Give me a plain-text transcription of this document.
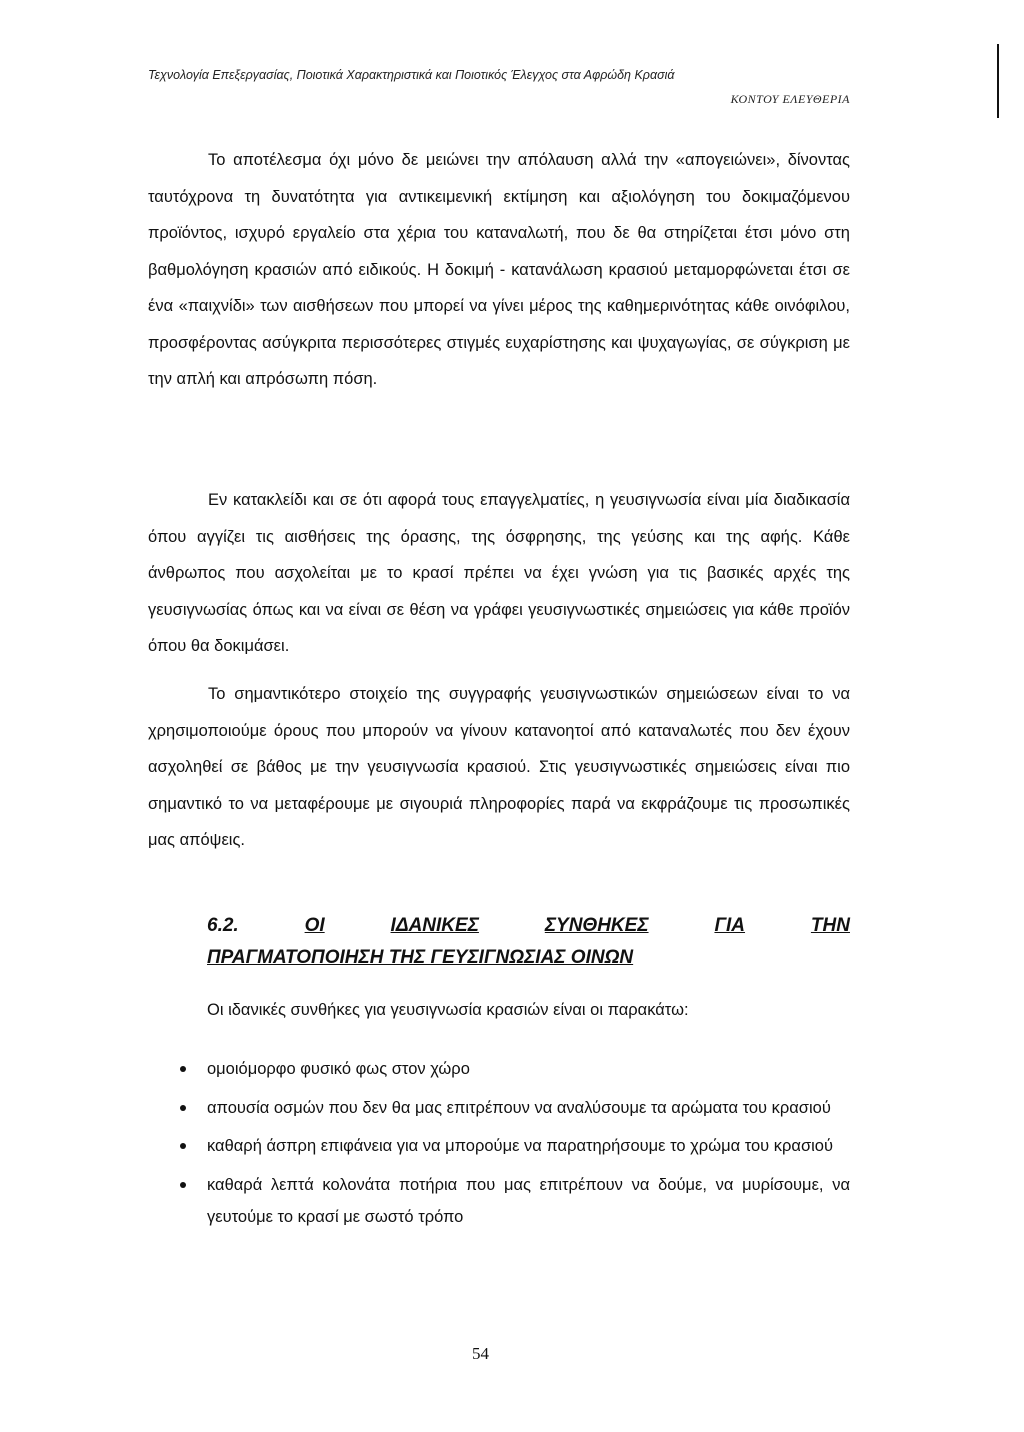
Τεχνολογία Επεξεργασίας, Ποιοτικά Χαρακτηριστικά και Ποιοτικός Έλεγχος στα Αφρώδη Κρασιά
ΚΟΝΤΟΥ ΕΛΕΥΘΕΡΙΑ

Το αποτέλεσμα όχι μόνο δε μειώνει την απόλαυση αλλά την «απογειώνει», δίνοντας ταυτόχρονα τη δυνατότητα για αντικειμενική εκτίμηση και αξιολόγηση του δοκιμαζόμενου προϊόντος, ισχυρό εργαλείο στα χέρια του καταναλωτή, που δε θα στηρίζεται έτσι μόνο στη βαθμολόγηση κρασιών από ειδικούς. Η δοκιμή - κατανάλωση κρασιού μεταμορφώνεται έτσι σε ένα «παιχνίδι» των αισθήσεων που μπορεί να γίνει μέρος της καθημερινότητας κάθε οινόφιλου, προσφέροντας ασύγκριτα περισσότερες στιγμές ευχαρίστησης και ψυχαγωγίας, σε σύγκριση με την απλή και απρόσωπη πόση.

Εν κατακλείδι και σε ότι αφορά τους επαγγελματίες, η γευσιγνωσία είναι μία διαδικασία όπου αγγίζει τις αισθήσεις της όρασης, της όσφρησης, της γεύσης και της αφής. Κάθε άνθρωπος που ασχολείται με το κρασί πρέπει να έχει γνώση για τις βασικές αρχές της γευσιγνωσίας όπως και να είναι σε θέση να γράφει γευσιγνωστικές σημειώσεις για κάθε προϊόν όπου θα δοκιμάσει.

Το σημαντικότερο στοιχείο της συγγραφής γευσιγνωστικών σημειώσεων είναι το να χρησιμοποιούμε όρους που μπορούν να γίνουν κατανοητοί από καταναλωτές που δεν έχουν ασχοληθεί σε βάθος με την γευσιγνωσία κρασιού. Στις γευσιγνωστικές σημειώσεις είναι πιο σημαντικό το να μεταφέρουμε με σιγουριά πληροφορίες παρά να εκφράζουμε τις προσωπικές μας απόψεις.

6.2.	ΟΙ	ΙΔΑΝΙΚΕΣ	ΣΥΝΘΗΚΕΣ	ΓΙΑ	ΤΗΝ
ΠΡΑΓΜΑΤΟΠΟΙΗΣΗ ΤΗΣ ΓΕΥΣΙΓΝΩΣΙΑΣ ΟΙΝΩΝ
Οι ιδανικές συνθήκες για γευσιγνωσία κρασιών είναι οι παρακάτω:
ομοιόμορφο φυσικό φως στον χώρο
απουσία οσμών που δεν θα μας επιτρέπουν να αναλύσουμε τα αρώματα του κρασιού
καθαρή άσπρη επιφάνεια για να μπορούμε να παρατηρήσουμε το χρώμα του κρασιού
καθαρά λεπτά κολονάτα ποτήρια που μας επιτρέπουν να δούμε, να μυρίσουμε, να γευτούμε το κρασί με σωστό τρόπο
54
